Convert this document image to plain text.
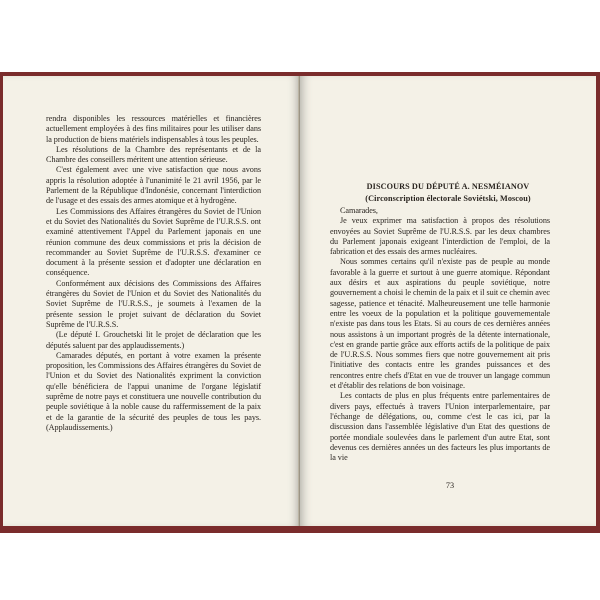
rendra disponibles les ressources matérielles et financières actuellement employées à des fins militaires pour les utiliser dans la production de biens matériels indispensables à tous les peuples.

Les résolutions de la Chambre des représentants et de la Chambre des conseillers méritent une attention sérieuse.

C'est également avec une vive satisfaction que nous avons appris la résolution adoptée à l'unanimité le 21 avril 1956, par le Parlement de la République d'Indonésie, concernant l'interdiction de l'usage et des essais des armes atomique et à hydrogène.

Les Commissions des Affaires étrangères du Soviet de l'Union et du Soviet des Nationalités du Soviet Suprême de l'U.R.S.S. ont examiné attentivement l'Appel du Parlement japonais en une réunion commune des deux commissions et pris la décision de recommander au Soviet Suprême de l'U.R.S.S. d'examiner ce document à la présente session et d'adopter une déclaration en conséquence.

Conformément aux décisions des Commissions des Affaires étrangères du Soviet de l'Union et du Soviet des Nationalités du Soviet Suprême de l'U.R.S.S., je soumets à l'examen de la présente session le projet suivant de déclaration du Soviet Suprême de l'U.R.S.S.

(Le député I. Grouchetski lit le projet de déclaration que les députés saluent par des applaudissements.)

Camarades députés, en portant à votre examen la présente proposition, les Commissions des Affaires étrangères du Soviet de l'Union et du Soviet des Nationalités expriment la conviction qu'elle bénéficiera de l'appui unanime de l'organe législatif suprême de notre pays et constituera une nouvelle contribution du peuple soviétique à la noble cause du raffermissement de la paix et de la garantie de la sécurité des peuples de tous les pays. (Applaudissements.)

DISCOURS DU DÉPUTÉ A. NESMÉIANOV
(Circonscription électorale Soviétski, Moscou)

Camarades,

Je veux exprimer ma satisfaction à propos des résolutions envoyées au Soviet Suprême de l'U.R.S.S. par les deux chambres du Parlement japonais exigeant l'interdiction de l'emploi, de la fabrication et des essais des armes nucléaires.

Nous sommes certains qu'il n'existe pas de peuple au monde favorable à la guerre et surtout à une guerre atomique. Répondant aux désirs et aux aspirations du peuple soviétique, notre gouvernement a choisi le chemin de la paix et il suit ce chemin avec sagesse, patience et ténacité. Malheureusement une telle harmonie entre les voeux de la population et la politique gouvernementale n'existe pas dans tous les Etats. Si au cours de ces dernières années nous assistons à un important progrès de la détente internationale, c'est en grande partie grâce aux efforts actifs de la politique de paix de l'U.R.S.S. Nous sommes fiers que notre gouvernement ait pris l'initiative des contacts entre les grandes puissances et des rencontres entre chefs d'Etat en vue de trouver un langage commun et d'établir des relations de bon voisinage.

Les contacts de plus en plus fréquents entre parlementaires de divers pays, effectués à travers l'Union interparlementaire, par l'échange de délégations, ou, comme c'est le cas ici, par la discussion dans l'assemblée législative d'un Etat des questions de portée mondiale soulevées dans le parlement d'un autre Etat, sont devenus ces dernières années un des facteurs les plus importants de la vie

73
